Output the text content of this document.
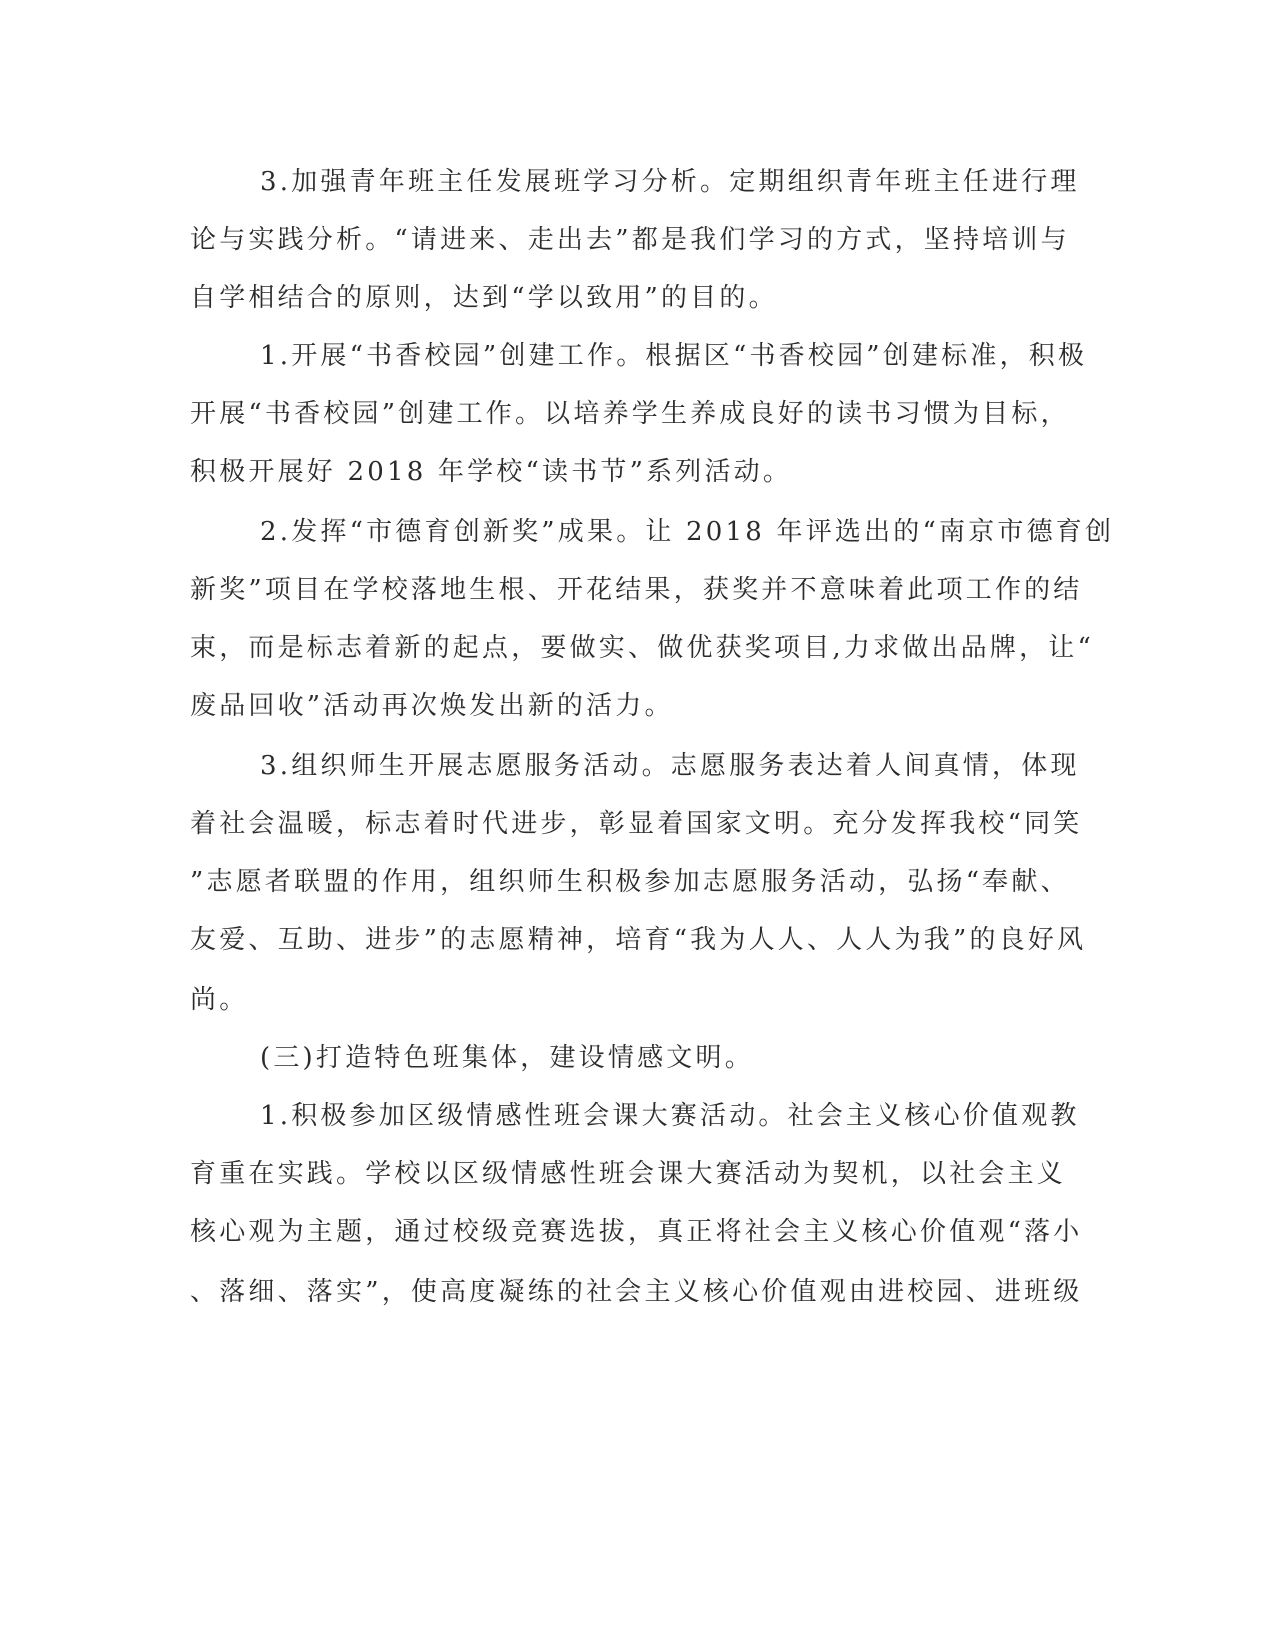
3.加强青年班主任发展班学习分析。定期组织青年班主任进行理
论与实践分析。“请进来、走出去”都是我们学习的方式，坚持培训与
自学相结合的原则，达到“学以致用”的目的。
1.开展“书香校园”创建工作。根据区“书香校园”创建标准，积极
开展“书香校园”创建工作。以培养学生养成良好的读书习惯为目标，
积极开展好 2018 年学校“读书节”系列活动。
2.发挥“市德育创新奖”成果。让 2018 年评选出的“南京市德育创
新奖”项目在学校落地生根、开花结果，获奖并不意味着此项工作的结
束，而是标志着新的起点，要做实、做优获奖项目,力求做出品牌，让“
废品回收”活动再次焕发出新的活力。
3.组织师生开展志愿服务活动。志愿服务表达着人间真情，体现
着社会温暖，标志着时代进步，彰显着国家文明。充分发挥我校“同笑
”志愿者联盟的作用，组织师生积极参加志愿服务活动，弘扬“奉献、
友爱、互助、进步”的志愿精神，培育“我为人人、人人为我”的良好风
尚。
(三)打造特色班集体，建设情感文明。
1.积极参加区级情感性班会课大赛活动。社会主义核心价值观教
育重在实践。学校以区级情感性班会课大赛活动为契机，以社会主义
核心观为主题，通过校级竞赛选拔，真正将社会主义核心价值观“落小
、落细、落实”，使高度凝练的社会主义核心价值观由进校园、进班级
